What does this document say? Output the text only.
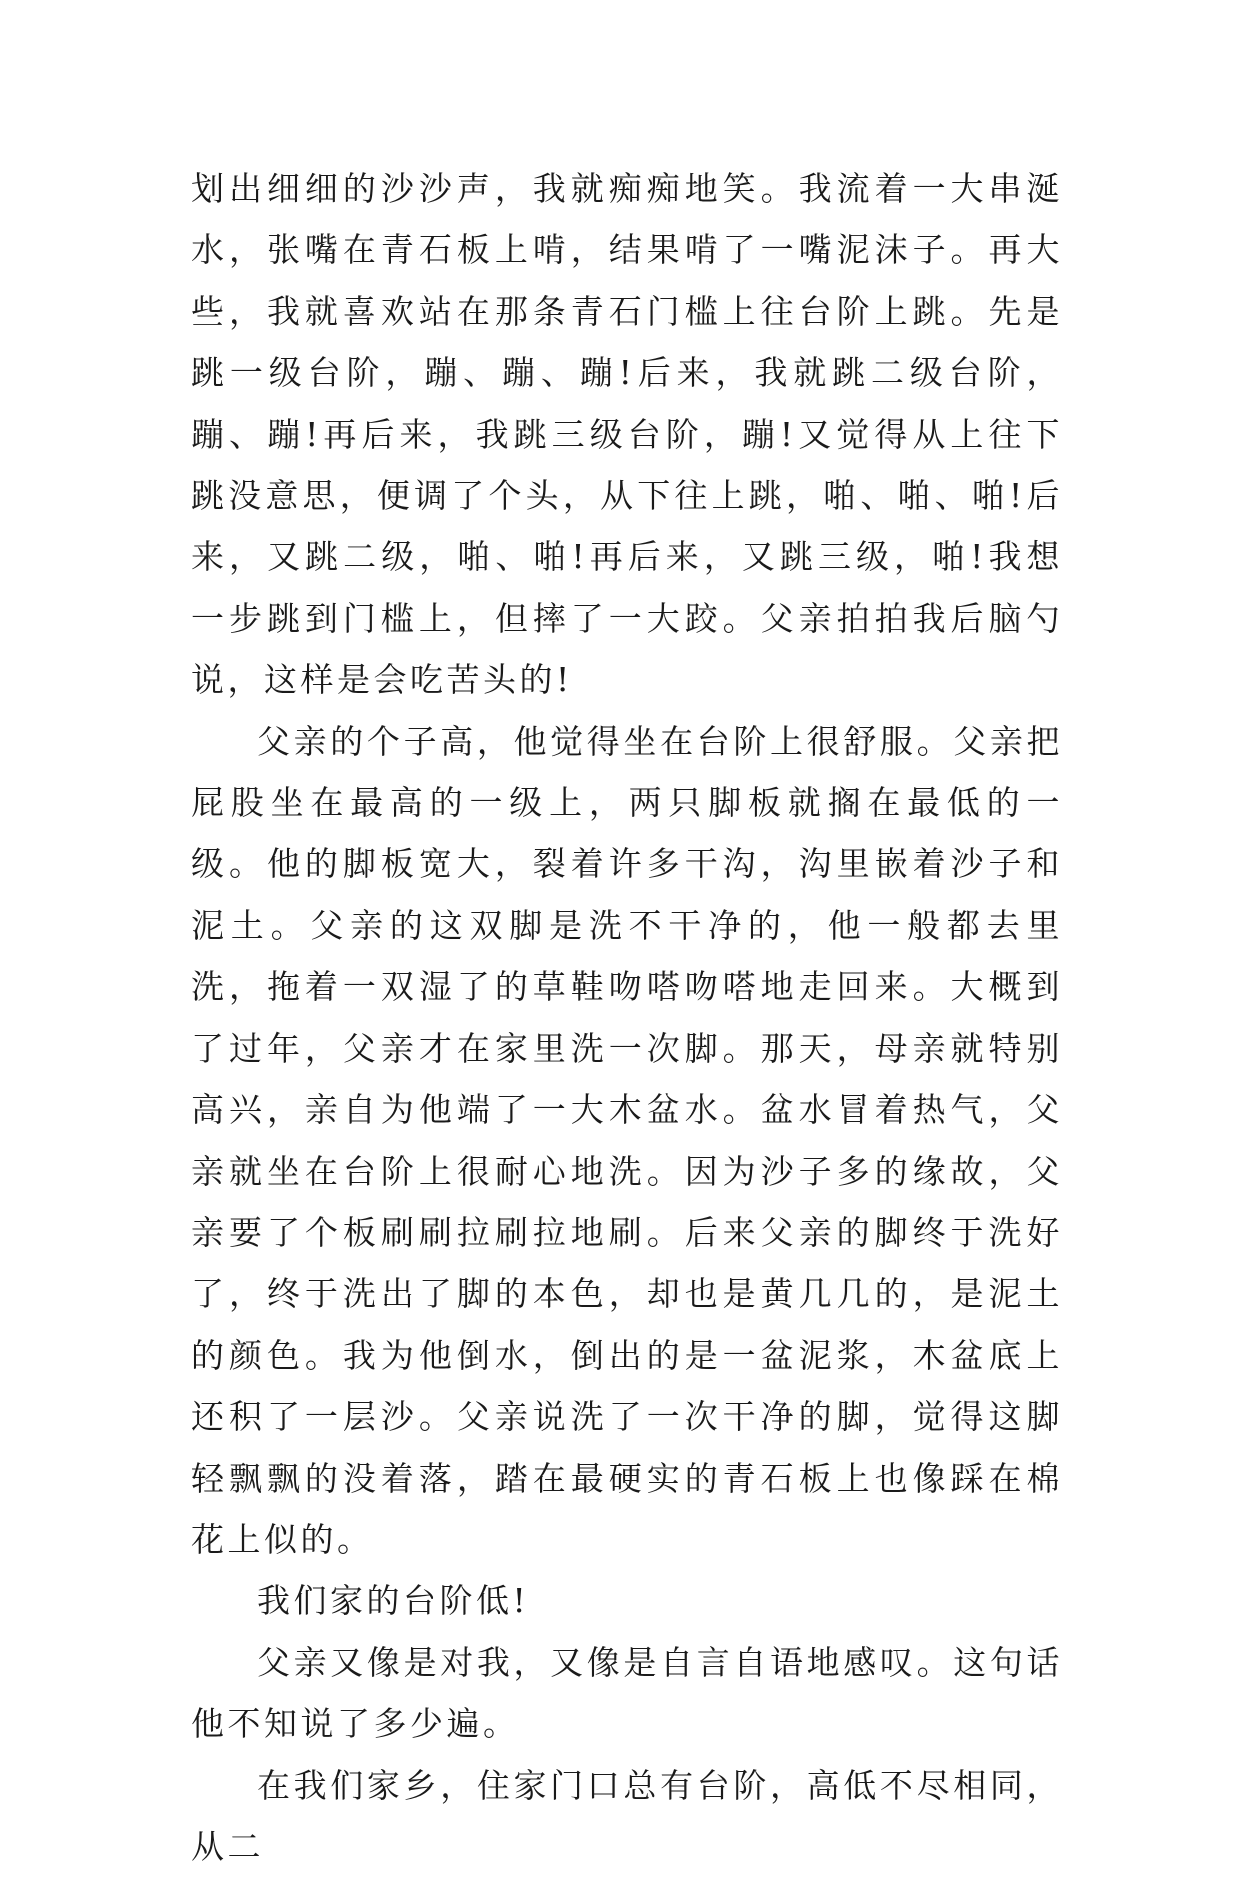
划出细细的沙沙声，我就痴痴地笑。我流着一大串涎水，张嘴在青石板上啃，结果啃了一嘴泥沫子。再大些，我就喜欢站在那条青石门槛上往台阶上跳。先是跳一级台阶，蹦、蹦、蹦!后来，我就跳二级台阶，蹦、蹦!再后来，我跳三级台阶，蹦!又觉得从上往下跳没意思，便调了个头，从下往上跳，啪、啪、啪!后来，又跳二级，啪、啪!再后来，又跳三级，啪!我想一步跳到门槛上，但摔了一大跤。父亲拍拍我后脑勺说，这样是会吃苦头的!

父亲的个子高，他觉得坐在台阶上很舒服。父亲把屁股坐在最高的一级上，两只脚板就搁在最低的一级。他的脚板宽大，裂着许多干沟，沟里嵌着沙子和泥土。父亲的这双脚是洗不干净的，他一般都去里洗，拖着一双湿了的草鞋吻嗒吻嗒地走回来。大概到了过年，父亲才在家里洗一次脚。那天，母亲就特别高兴，亲自为他端了一大木盆水。盆水冒着热气，父亲就坐在台阶上很耐心地洗。因为沙子多的缘故，父亲要了个板刷刷拉刷拉地刷。后来父亲的脚终于洗好了，终于洗出了脚的本色，却也是黄几几的，是泥土的颜色。我为他倒水，倒出的是一盆泥浆，木盆底上还积了一层沙。父亲说洗了一次干净的脚，觉得这脚轻飘飘的没着落，踏在最硬实的青石板上也像踩在棉花上似的。

我们家的台阶低!

父亲又像是对我，又像是自言自语地感叹。这句话他不知说了多少遍。

在我们家乡，住家门口总有台阶，高低不尽相同，从二
